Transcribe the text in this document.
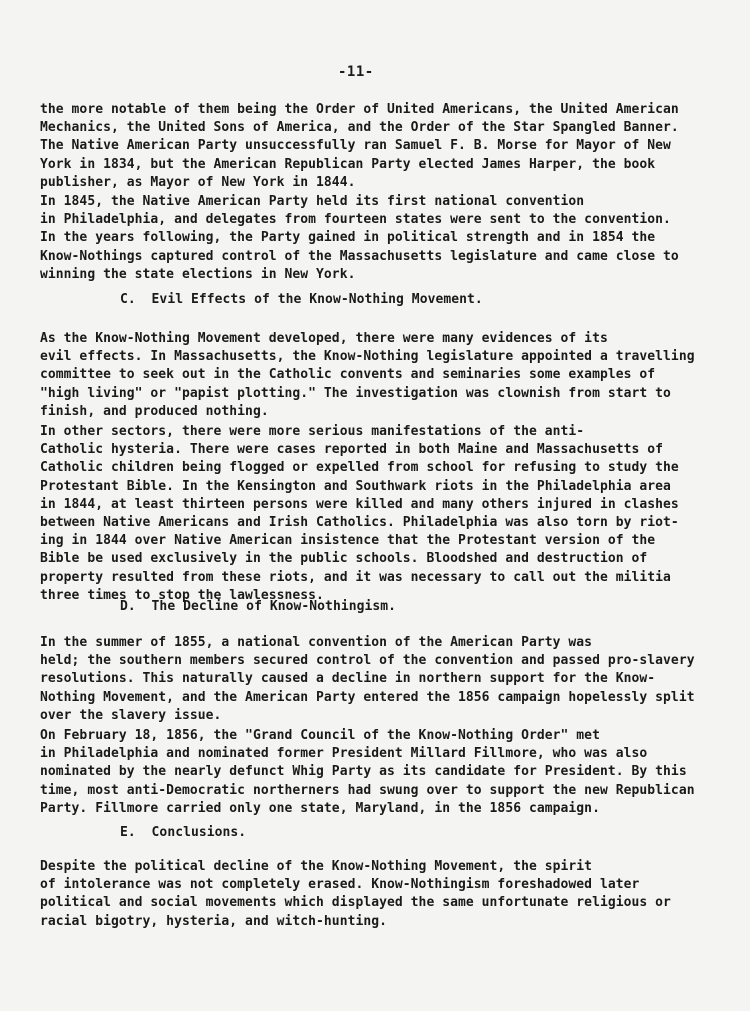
-11-
the more notable of them being the Order of United Americans, the United American
Mechanics, the United Sons of America, and the Order of the Star Spangled Banner.
The Native American Party unsuccessfully ran Samuel F. B. Morse for Mayor of New
York in 1834, but the American Republican Party elected James Harper, the book
publisher, as Mayor of New York in 1844.
In 1845, the Native American Party held its first national convention
in Philadelphia, and delegates from fourteen states were sent to the convention.
In the years following, the Party gained in political strength and in 1854 the
Know-Nothings captured control of the Massachusetts legislature and came close to
winning the state elections in New York.
C.  Evil Effects of the Know-Nothing Movement.
As the Know-Nothing Movement developed, there were many evidences of its
evil effects. In Massachusetts, the Know-Nothing legislature appointed a travelling
committee to seek out in the Catholic convents and seminaries some examples of
"high living" or "papist plotting." The investigation was clownish from start to
finish, and produced nothing.
In other sectors, there were more serious manifestations of the anti-
Catholic hysteria. There were cases reported in both Maine and Massachusetts of
Catholic children being flogged or expelled from school for refusing to study the
Protestant Bible. In the Kensington and Southwark riots in the Philadelphia area
in 1844, at least thirteen persons were killed and many others injured in clashes
between Native Americans and Irish Catholics. Philadelphia was also torn by riot-
ing in 1844 over Native American insistence that the Protestant version of the
Bible be used exclusively in the public schools. Bloodshed and destruction of
property resulted from these riots, and it was necessary to call out the militia
three times to stop the lawlessness.
D.  The Decline of Know-Nothingism.
In the summer of 1855, a national convention of the American Party was
held; the southern members secured control of the convention and passed pro-slavery
resolutions. This naturally caused a decline in northern support for the Know-
Nothing Movement, and the American Party entered the 1856 campaign hopelessly split
over the slavery issue.
On February 18, 1856, the "Grand Council of the Know-Nothing Order" met
in Philadelphia and nominated former President Millard Fillmore, who was also
nominated by the nearly defunct Whig Party as its candidate for President. By this
time, most anti-Democratic northerners had swung over to support the new Republican
Party. Fillmore carried only one state, Maryland, in the 1856 campaign.
E.  Conclusions.
Despite the political decline of the Know-Nothing Movement, the spirit
of intolerance was not completely erased. Know-Nothingism foreshadowed later
political and social movements which displayed the same unfortunate religious or
racial bigotry, hysteria, and witch-hunting.
